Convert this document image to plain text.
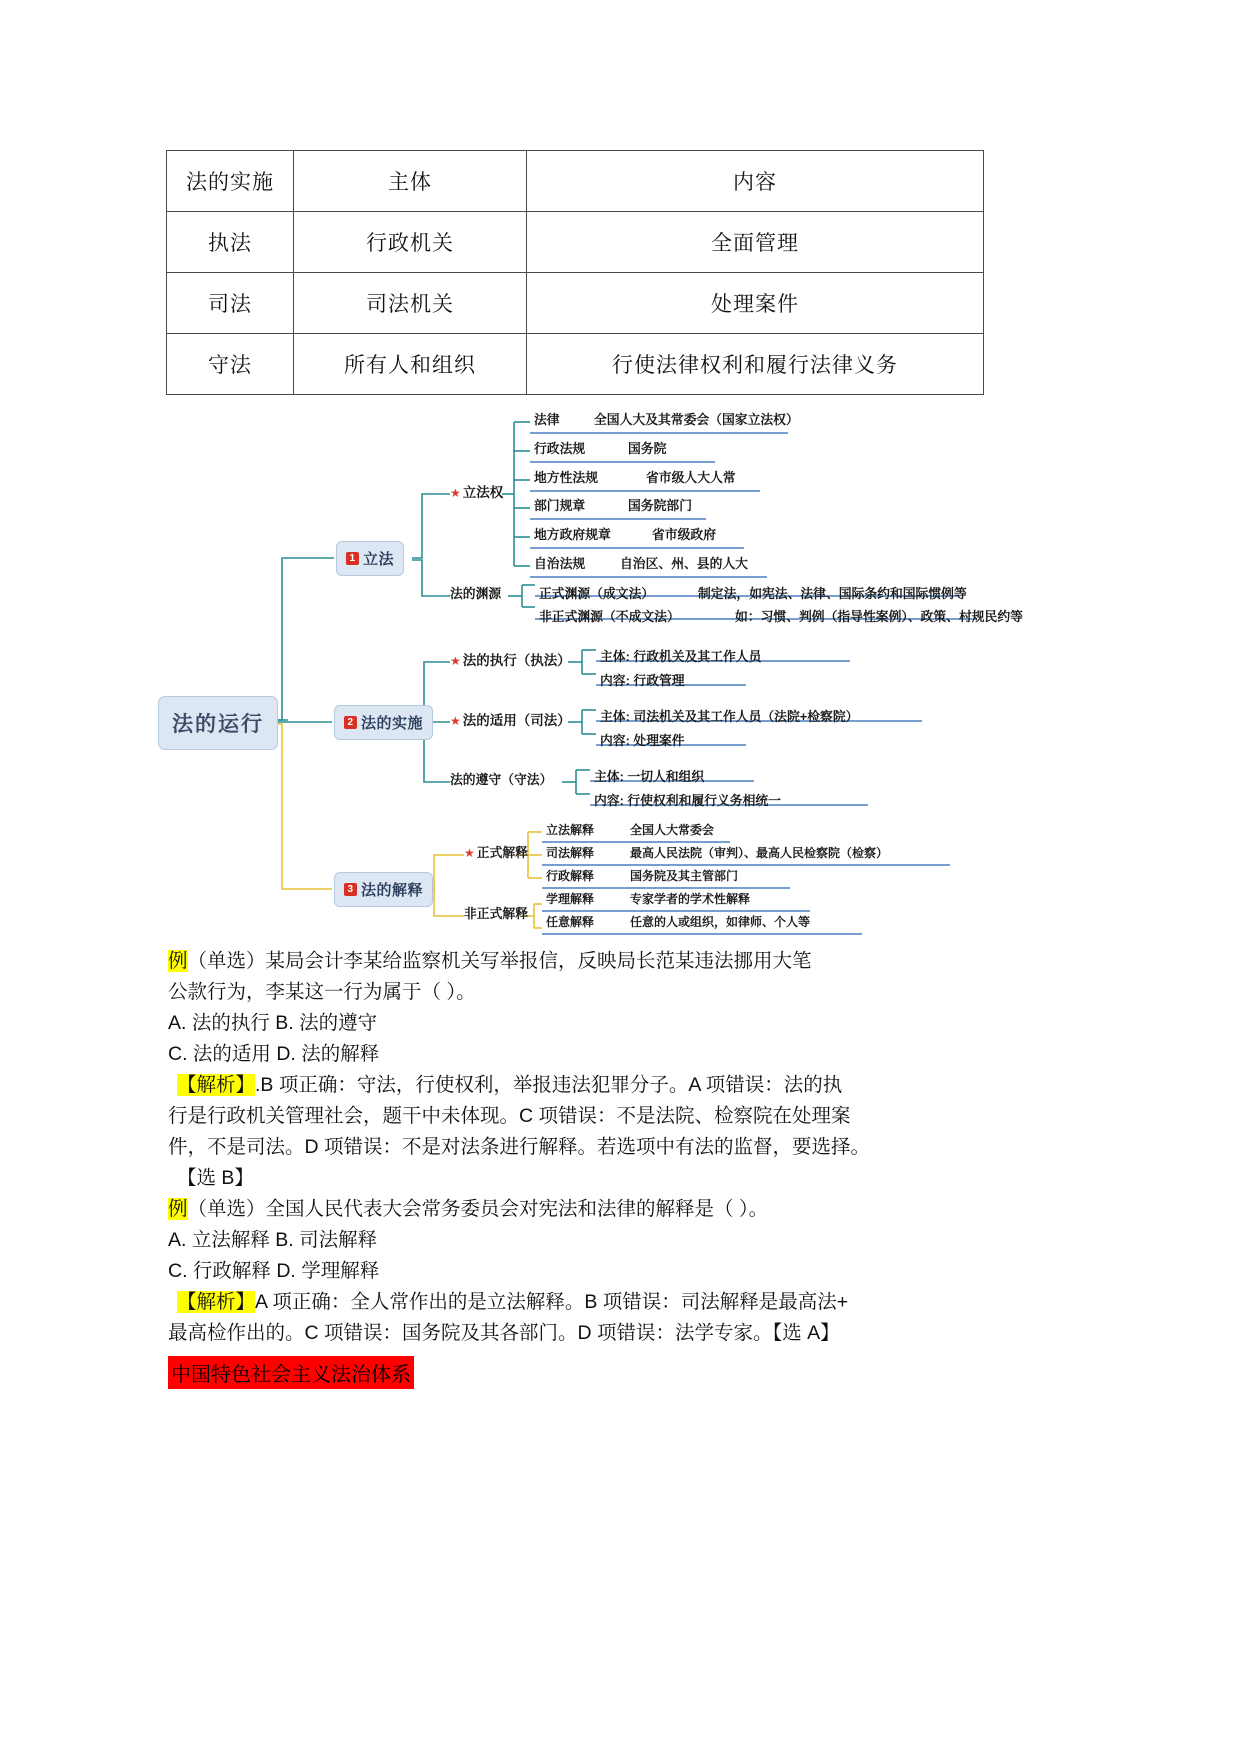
法的实施	主体	内容
执法	行政机关	全面管理
司法	司法机关	处理案件
守法	所有人和组织	行使法律权利和履行法律义务
法的运行
1 立法
2 法的实施
3 法的解释
★ 立法权
法的渊源
★ 法的执行（执法）
★ 法的适用（司法）
法的遵守（守法）
★ 正式解释
非正式解释
法律	全国人大及其常委会（国家立法权）
行政法规	国务院
地方性法规	省市级人大人常
部门规章	国务院部门
地方政府规章	省市级政府
自治法规	自治区、州、县的人大
正式渊源（成文法）	制定法，如宪法、法律、国际条约和国际惯例等
非正式渊源（不成文法）	如：习惯、判例（指导性案例）、政策、村规民约等
主体: 行政机关及其工作人员
内容: 行政管理
主体: 司法机关及其工作人员（法院+检察院）
内容: 处理案件
主体: 一切人和组织
内容: 行使权利和履行义务相统一
立法解释	全国人大常委会
司法解释	最高人民法院（审判）、最高人民检察院（检察）
行政解释	国务院及其主管部门
学理解释	专家学者的学术性解释
任意解释	任意的人或组织，如律师、个人等

例（单选）某局会计李某给监察机关写举报信，反映局长范某违法挪用大笔

公款行为，李某这一行为属于（ ）。

A. 法的执行 B. 法的遵守

C. 法的适用 D. 法的解释

【解析】.B 项正确：守法，行使权利，举报违法犯罪分子。A 项错误：法的执

行是行政机关管理社会，题干中未体现。C 项错误：不是法院、检察院在处理案

件，不是司法。D 项错误：不是对法条进行解释。若选项中有法的监督，要选择。

【选 B】

例（单选）全国人民代表大会常务委员会对宪法和法律的解释是（ ）。

A. 立法解释 B. 司法解释

C. 行政解释 D. 学理解释

【解析】A 项正确：全人常作出的是立法解释。B 项错误：司法解释是最高法+

最高检作出的。C 项错误：国务院及其各部门。D 项错误：法学专家。【选 A】

中国特色社会主义法治体系
